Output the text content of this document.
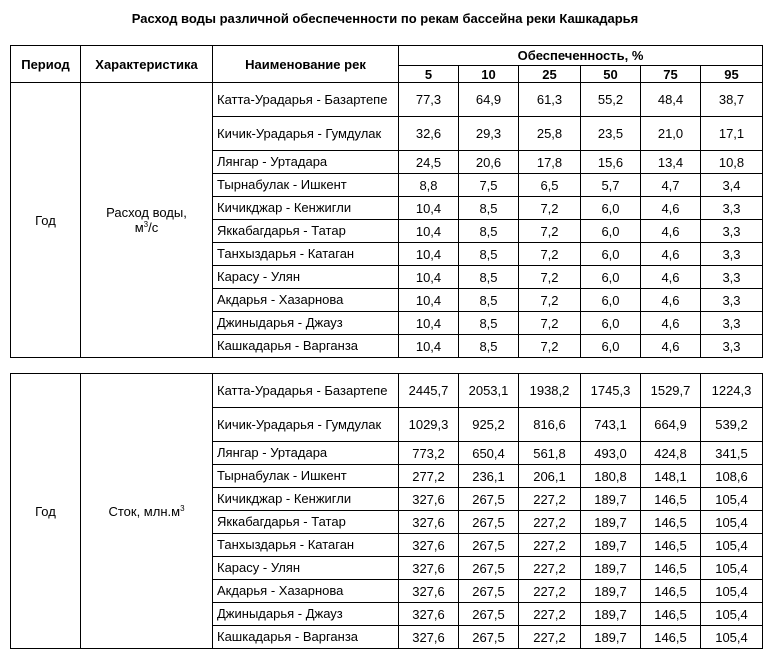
Расход воды различной обеспеченности по рекам бассейна реки Кашкадарья
Период	Характеристика	Наименование рек	Обеспеченность, %					
			5	10	25	50	75	95
Год	Расход воды,
$м^3/с$	Катта-Урадарья - Базартепе	77,3	64,9	61,3	55,2	48,4	38,7
		Кичик-Урадарья - Гумдулак	32,6	29,3	25,8	23,5	21,0	17,1
		Лянгар - Уртадара	24,5	20,6	17,8	15,6	13,4	10,8
		Тырнабулак - Ишкент	8,8	7,5	6,5	5,7	4,7	3,4
		Кичикджар - Кенжигли	10,4	8,5	7,2	6,0	4,6	3,3
		Яккабагдарья - Татар	10,4	8,5	7,2	6,0	4,6	3,3
		Танхыздарья - Катаган	10,4	8,5	7,2	6,0	4,6	3,3
		Карасу - Улян	10,4	8,5	7,2	6,0	4,6	3,3
		Акдарья - Хазарнова	10,4	8,5	7,2	6,0	4,6	3,3
		Джиныдарья - Джауз	10,4	8,5	7,2	6,0	4,6	3,3
		Кашкадарья - Варганза	10,4	8,5	7,2	6,0	4,6	3,3
Год	Сток, $млн.м^3$	Катта-Урадарья - Базартепе	2445,7	2053,1	1938,2	1745,3	1529,7	1224,3
		Кичик-Урадарья - Гумдулак	1029,3	925,2	816,6	743,1	664,9	539,2
		Лянгар - Уртадара	773,2	650,4	561,8	493,0	424,8	341,5
		Тырнабулак - Ишкент	277,2	236,1	206,1	180,8	148,1	108,6
		Кичикджар - Кенжигли	327,6	267,5	227,2	189,7	146,5	105,4
		Яккабагдарья - Татар	327,6	267,5	227,2	189,7	146,5	105,4
		Танхыздарья - Катаган	327,6	267,5	227,2	189,7	146,5	105,4
		Карасу - Улян	327,6	267,5	227,2	189,7	146,5	105,4
		Акдарья - Хазарнова	327,6	267,5	227,2	189,7	146,5	105,4
		Джиныдарья - Джауз	327,6	267,5	227,2	189,7	146,5	105,4
		Кашкадарья - Варганза	327,6	267,5	227,2	189,7	146,5	105,4
